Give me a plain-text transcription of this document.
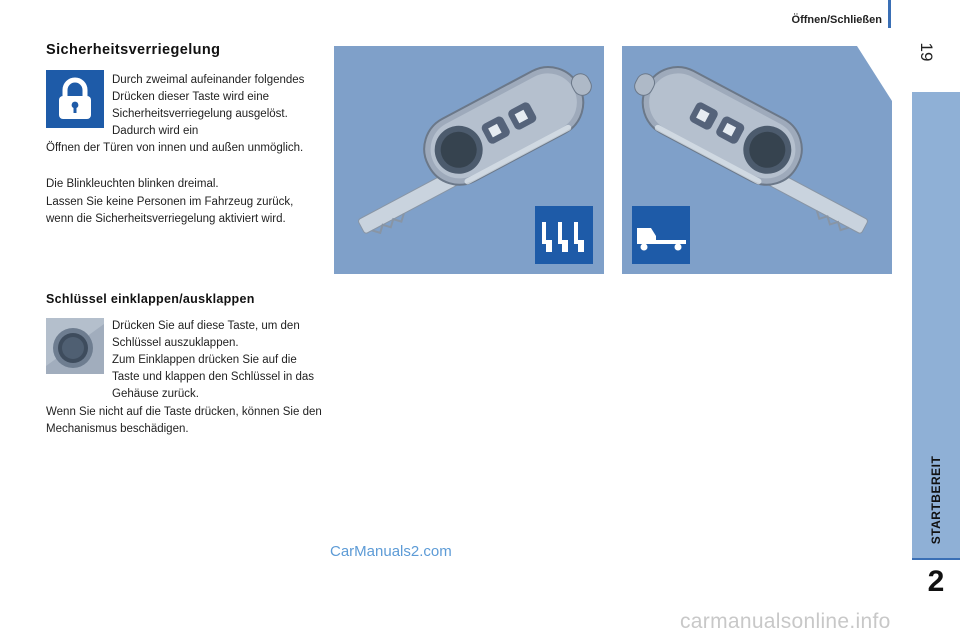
Öffnen/Schließen
19
STARTBEREIT
2
Sicherheitsverriegelung
Durch zweimal aufeinander folgendes Drücken dieser Taste wird eine Sicherheitsverriegelung ausgelöst. Dadurch wird ein
Öffnen der Türen von innen und außen unmöglich.
Die Blinkleuchten blinken dreimal.
Lassen Sie keine Personen im Fahrzeug zurück, wenn die Sicherheitsverriegelung aktiviert wird.
Schlüssel einklappen/ausklappen
Drücken Sie auf diese Taste, um den Schlüssel auszuklappen.
Zum Einklappen drücken Sie auf die Taste und klappen den Schlüssel in das Gehäuse zurück.
Wenn Sie nicht auf die Taste drücken, können Sie den Mechanismus beschädigen.
CarManuals2.com
carmanualsonline.info
